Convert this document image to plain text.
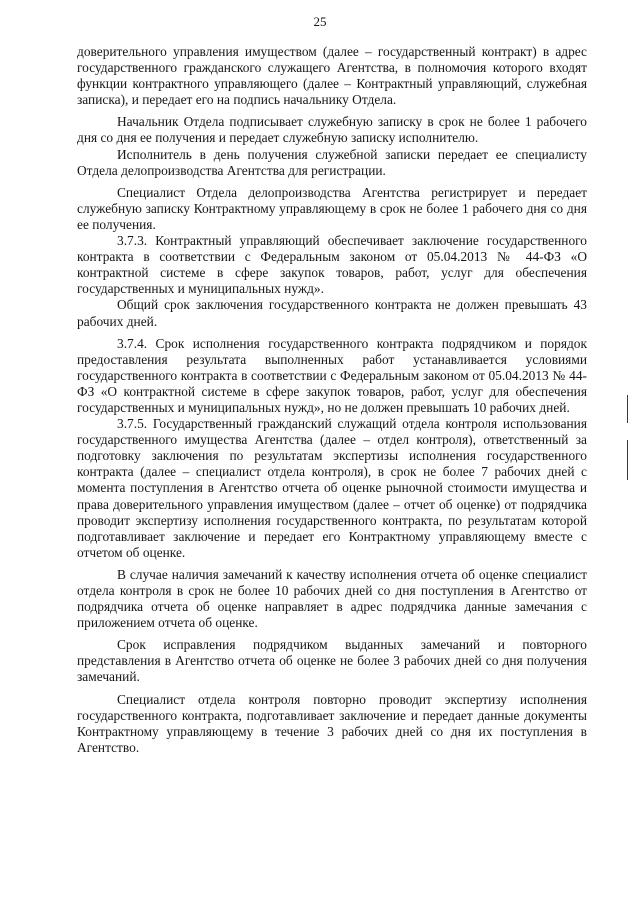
25

доверительного управления имуществом (далее – государственный контракт) в адрес государственного гражданского служащего Агентства, в полномочия которого входят функции контрактного управляющего (далее – Контрактный управляющий, служебная записка), и передает его на подпись начальнику Отдела.

Начальник Отдела подписывает служебную записку в срок не более 1 рабочего дня со дня ее получения и передает служебную записку исполнителю.

Исполнитель в день получения служебной записки передает ее специалисту Отдела делопроизводства Агентства для регистрации.

Специалист Отдела делопроизводства Агентства регистрирует и передает служебную записку Контрактному управляющему в срок не более 1 рабочего дня со дня ее получения.

3.7.3. Контрактный управляющий обеспечивает заключение государственного контракта в соответствии с Федеральным законом от 05.04.2013 № 44-ФЗ «О контрактной системе в сфере закупок товаров, работ, услуг для обеспечения государственных и муниципальных нужд».

Общий срок заключения государственного контракта не должен превышать 43 рабочих дней.

3.7.4. Срок исполнения государственного контракта подрядчиком и порядок предоставления результата выполненных работ устанавливается условиями государственного контракта в соответствии с Федеральным законом от 05.04.2013 № 44-ФЗ «О контрактной системе в сфере закупок товаров, работ, услуг для обеспечения государственных и муниципальных нужд», но не должен превышать 10 рабочих дней.

3.7.5. Государственный гражданский служащий отдела контроля использования государственного имущества Агентства (далее – отдел контроля), ответственный за подготовку заключения по результатам экспертизы исполнения государственного контракта (далее – специалист отдела контроля), в срок не более 7 рабочих дней с момента поступления в Агентство отчета об оценке рыночной стоимости имущества и права доверительного управления имуществом (далее – отчет об оценке) от подрядчика проводит экспертизу исполнения государственного контракта, по результатам которой подготавливает заключение и передает его Контрактному управляющему вместе с отчетом об оценке.

В случае наличия замечаний к качеству исполнения отчета об оценке специалист отдела контроля в срок не более 10 рабочих дней со дня поступления в Агентство от подрядчика отчета об оценке направляет в адрес подрядчика данные замечания с приложением отчета об оценке.

Срок исправления подрядчиком выданных замечаний и повторного представления в Агентство отчета об оценке не более 3 рабочих дней со дня получения замечаний.

Специалист отдела контроля повторно проводит экспертизу исполнения государственного контракта, подготавливает заключение и передает данные документы Контрактному управляющему в течение 3 рабочих дней со дня их поступления в Агентство.
